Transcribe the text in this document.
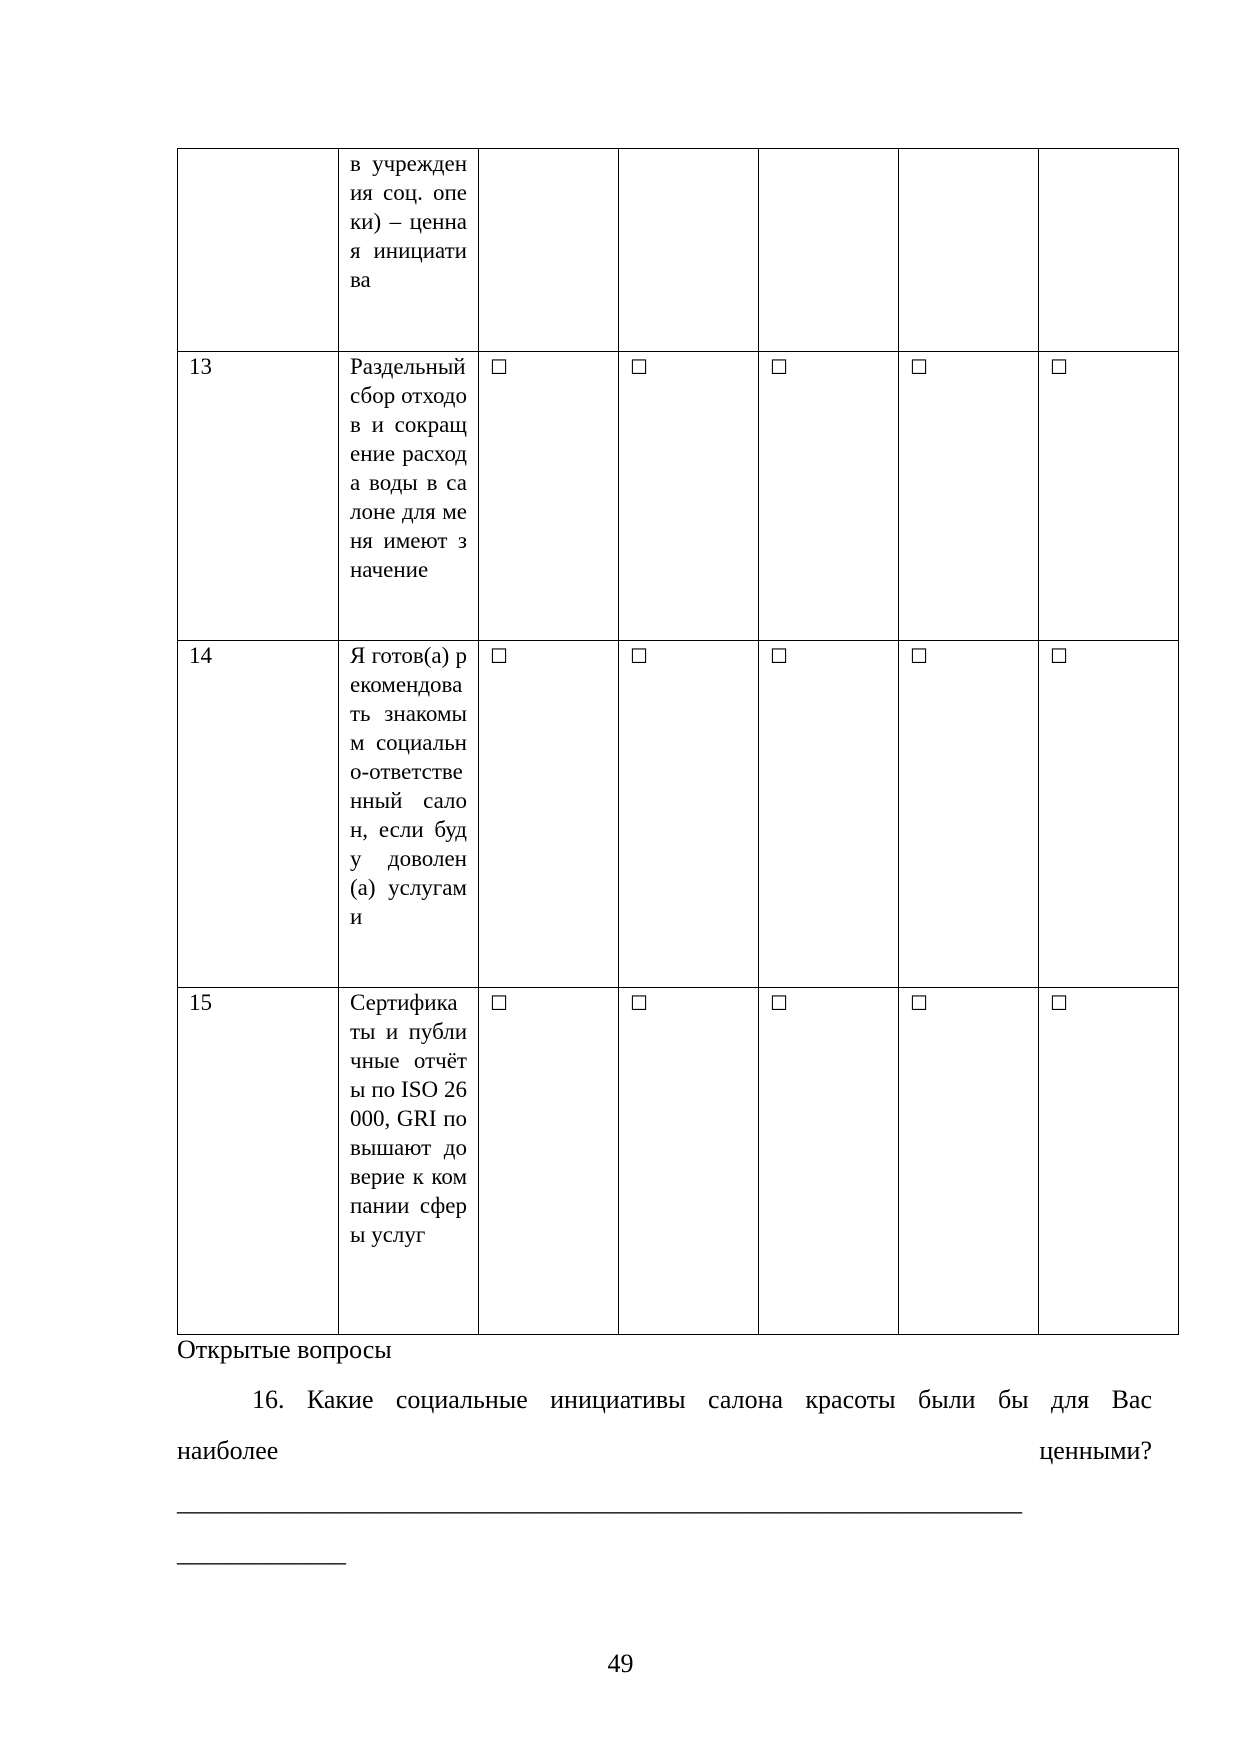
	в учреждения соц. опеки) – ценная инициатива					
13	Раздельный сбор отходов и сокращение расхода воды в салоне для меня имеют значение	☐	☐	☐	☐	☐
14	Я готов(а) рекомендовать знакомым социально-ответственный салон, если буду доволен(а) услугами	☐	☐	☐	☐	☐
15	Сертификаты и публичные отчёты по ISO 26000, GRI повышают доверие к компании сферы услуг	☐	☐	☐	☐	☐
Открытые вопросы

16. Какие социальные инициативы салона красоты были бы для Вас

наиболее	ценными?

_________________________________________________________________

_____________

49
